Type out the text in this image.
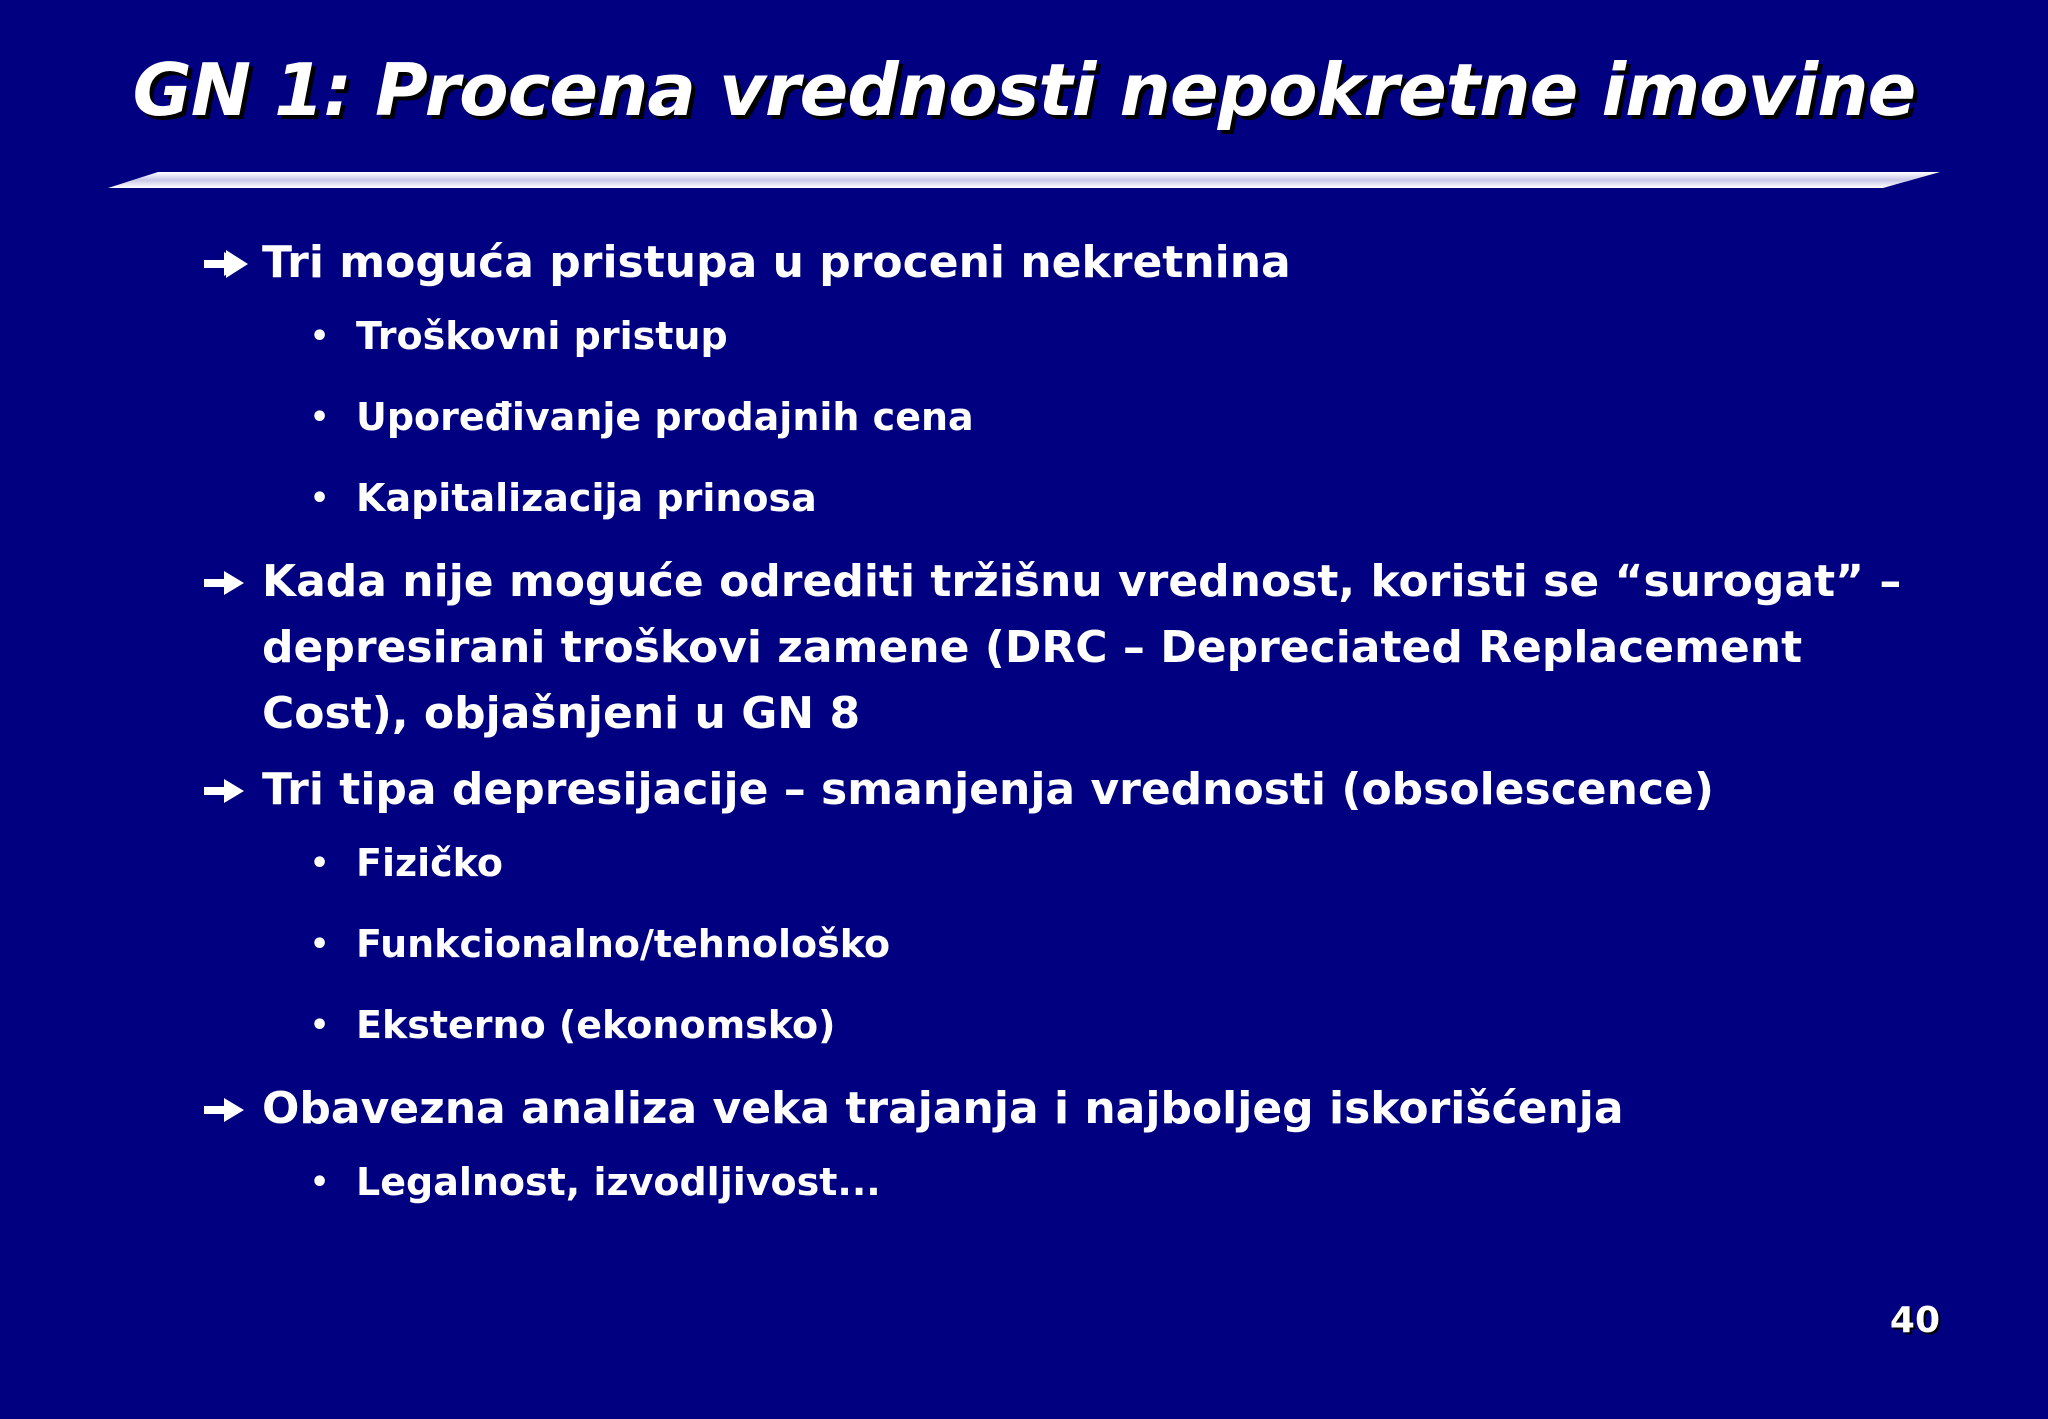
GN 1: Procena vrednosti nepokretne imovine
Tri moguća pristupa u proceni nekretnina
• Troškovni pristup
• Upoređivanje prodajnih cena
• Kapitalizacija prinosa
Kada nije moguće odrediti tržišnu vrednost, koristi se “surogat” – depresirani troškovi zamene (DRC – Depreciated Replacement Cost), objašnjeni u GN 8
Tri tipa depresijacije – smanjenja vrednosti (obsolescence)
• Fizičko
• Funkcionalno/tehnološko
• Eksterno (ekonomsko)
Obavezna analiza veka trajanja i najboljeg iskorišćenja
• Legalnost, izvodljivost...
40
